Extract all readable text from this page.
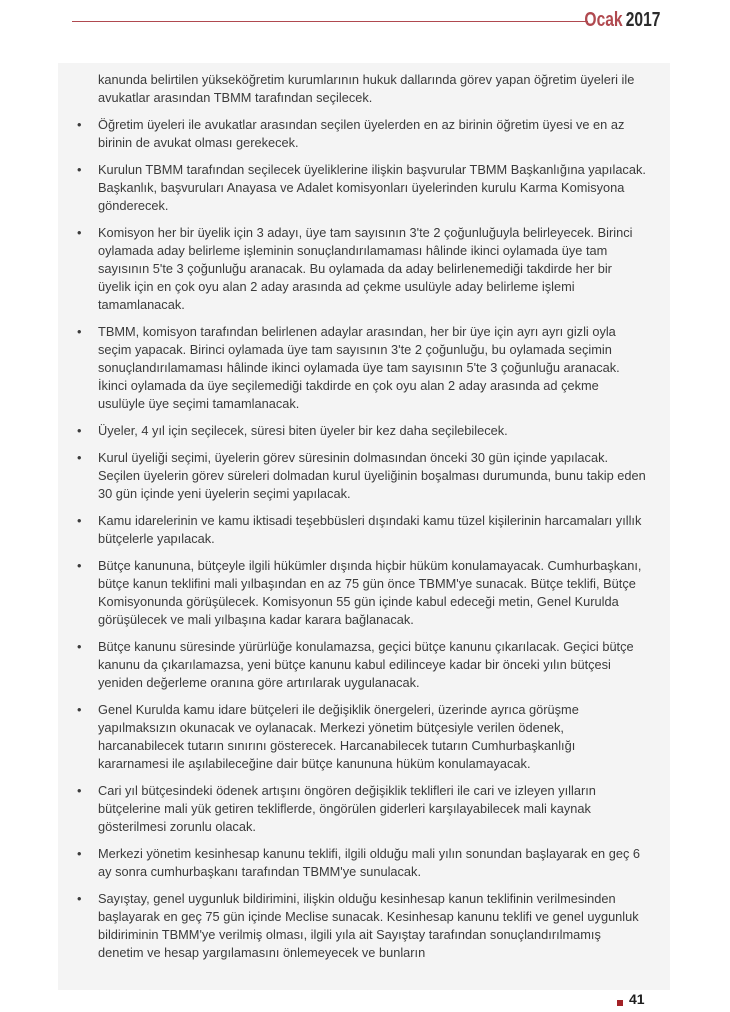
Ocak 2017
kanunda belirtilen yükseköğretim kurumlarının hukuk dallarında görev yapan öğretim üyeleri ile avukatlar arasından TBMM tarafından seçilecek.
•	Öğretim üyeleri ile avukatlar arasından seçilen üyelerden en az birinin öğretim üyesi ve en az birinin de avukat olması gerekecek.
•	Kurulun TBMM tarafından seçilecek üyeliklerine ilişkin başvurular TBMM Başkanlığına yapılacak. Başkanlık, başvuruları Anayasa ve Adalet komisyonları üyelerinden kurulu Karma Komisyona gönderecek.
•	Komisyon her bir üyelik için 3 adayı, üye tam sayısının 3'te 2 çoğunluğuyla belirleyecek. Birinci oylamada aday belirleme işleminin sonuçlandırılamaması hâlinde ikinci oylamada üye tam sayısının 5'te 3 çoğunluğu aranacak. Bu oylamada da aday belirlenemediği takdirde her bir üyelik için en çok oyu alan 2 aday arasında ad çekme usulüyle aday belirleme işlemi tamamlanacak.
•	TBMM, komisyon tarafından belirlenen adaylar arasından, her bir üye için ayrı ayrı gizli oyla seçim yapacak. Birinci oylamada üye tam sayısının 3'te 2 çoğunluğu, bu oylamada seçimin sonuçlandırılamaması hâlinde ikinci oylamada üye tam sayısının 5'te 3 çoğunluğu aranacak. İkinci oylamada da üye seçilemediği takdirde en çok oyu alan 2 aday arasında ad çekme usulüyle üye seçimi tamamlanacak.
•	Üyeler, 4 yıl için seçilecek, süresi biten üyeler bir kez daha seçilebilecek.
•	Kurul üyeliği seçimi, üyelerin görev süresinin dolmasından önceki 30 gün içinde yapılacak. Seçilen üyelerin görev süreleri dolmadan kurul üyeliğinin boşalması durumunda, bunu takip eden 30 gün içinde yeni üyelerin seçimi yapılacak.
•	Kamu idarelerinin ve kamu iktisadi teşebbüsleri dışındaki kamu tüzel kişilerinin harcamaları yıllık bütçelerle yapılacak.
•	Bütçe kanununa, bütçeyle ilgili hükümler dışında hiçbir hüküm konulamayacak. Cumhurbaşkanı, bütçe kanun teklifini mali yılbaşından en az 75 gün önce TBMM'ye sunacak. Bütçe teklifi, Bütçe Komisyonunda görüşülecek. Komisyonun 55 gün içinde kabul edeceği metin, Genel Kurulda görüşülecek ve mali yılbaşına kadar karara bağlanacak.
•	Bütçe kanunu süresinde yürürlüğe konulamazsa, geçici bütçe kanunu çıkarılacak. Geçici bütçe kanunu da çıkarılamazsa, yeni bütçe kanunu kabul edilinceye kadar bir önceki yılın bütçesi yeniden değerleme oranına göre artırılarak uygulanacak.
•	Genel Kurulda kamu idare bütçeleri ile değişiklik önergeleri, üzerinde ayrıca görüşme yapılmaksızın okunacak ve oylanacak. Merkezi yönetim bütçesiyle verilen ödenek, harcanabilecek tutarın sınırını gösterecek. Harcanabilecek tutarın Cumhurbaşkanlığı kararnamesi ile aşılabileceğine dair bütçe kanununa hüküm konulamayacak.
•	Cari yıl bütçesindeki ödenek artışını öngören değişiklik teklifleri ile cari ve izleyen yılların bütçelerine mali yük getiren tekliflerde, öngörülen giderleri karşılayabilecek mali kaynak gösterilmesi zorunlu olacak.
•	Merkezi yönetim kesinhesap kanunu teklifi, ilgili olduğu mali yılın sonundan başlayarak en geç 6 ay sonra cumhurbaşkanı tarafından TBMM'ye sunulacak.
•	Sayıştay, genel uygunluk bildirimini, ilişkin olduğu kesinhesap kanun teklifinin verilmesinden başlayarak en geç 75 gün içinde Meclise sunacak. Kesinhesap kanunu teklifi ve genel uygunluk bildiriminin TBMM'ye verilmiş olması, ilgili yıla ait Sayıştay tarafından sonuçlandırılmamış denetim ve hesap yargılamasını önlemeyecek ve bunların
41
